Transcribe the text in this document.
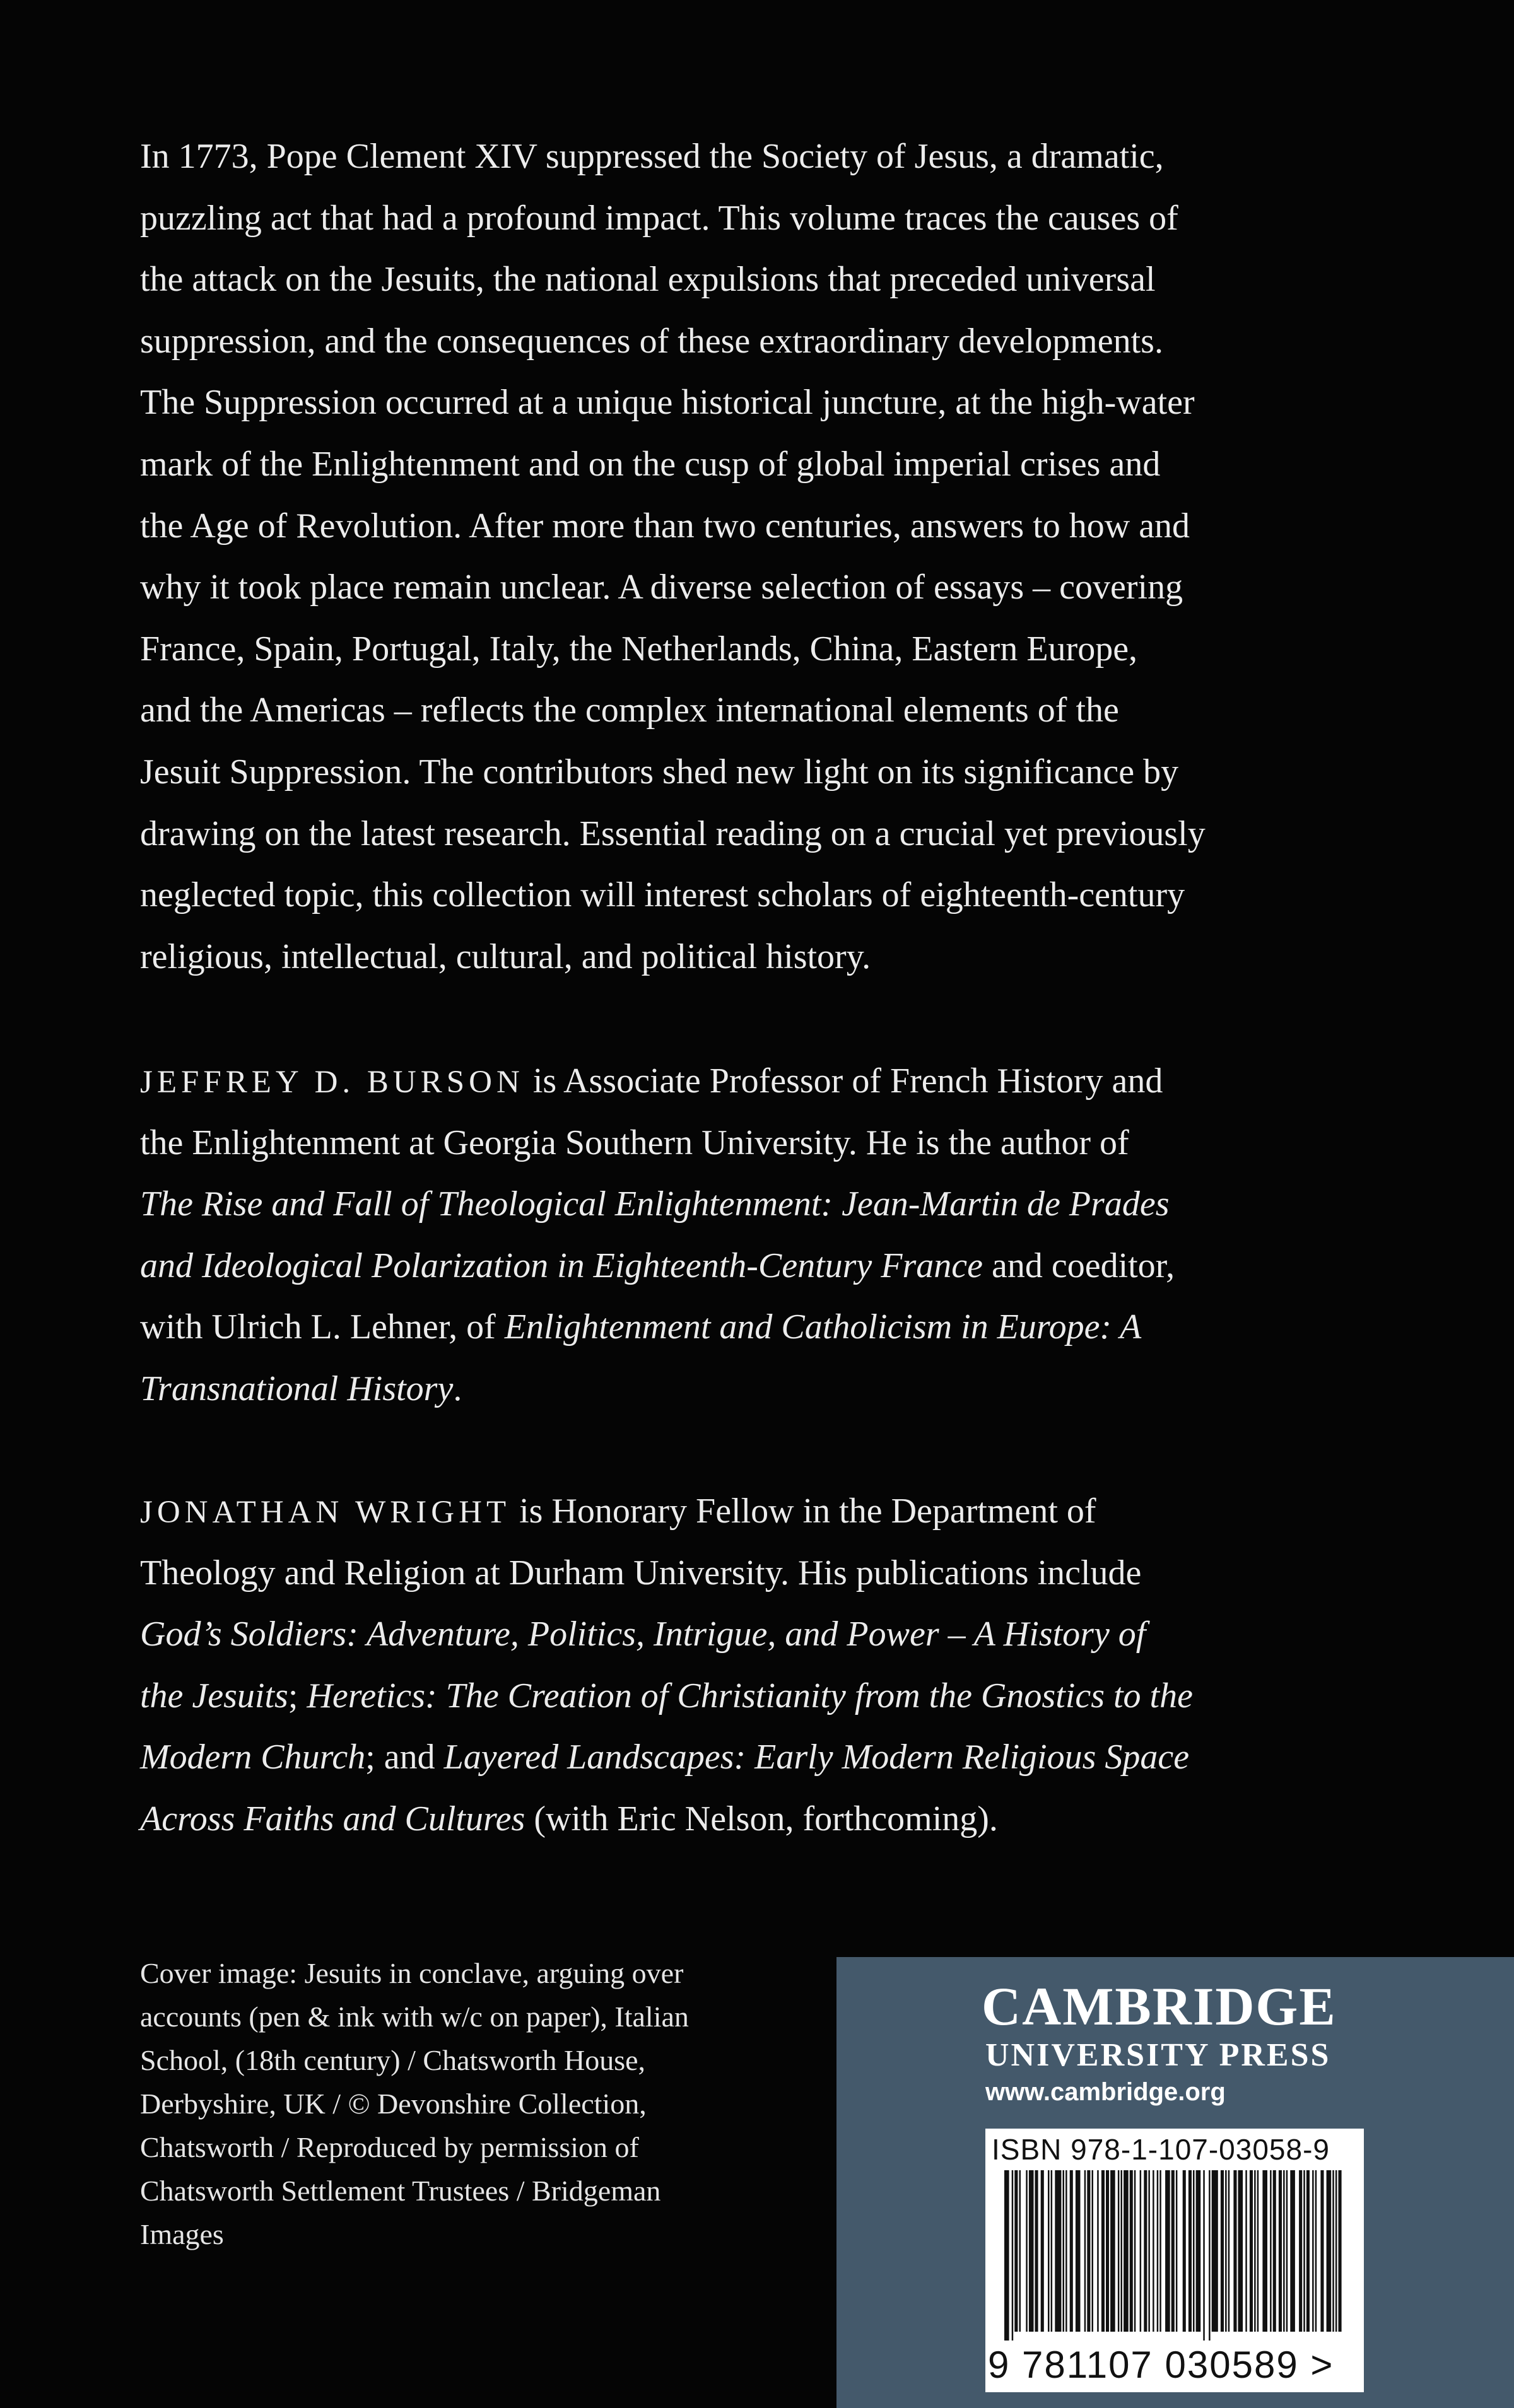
In 1773, Pope Clement XIV suppressed the Society of Jesus, a dramatic,
puzzling act that had a profound impact. This volume traces the causes of
the attack on the Jesuits, the national expulsions that preceded universal
suppression, and the consequences of these extraordinary developments.
The Suppression occurred at a unique historical juncture, at the high-water
mark of the Enlightenment and on the cusp of global imperial crises and
the Age of Revolution. After more than two centuries, answers to how and
why it took place remain unclear. A diverse selection of essays – covering
France, Spain, Portugal, Italy, the Netherlands, China, Eastern Europe,
and the Americas – reflects the complex international elements of the
Jesuit Suppression. The contributors shed new light on its significance by
drawing on the latest research. Essential reading on a crucial yet previously
neglected topic, this collection will interest scholars of eighteenth-century
religious, intellectual, cultural, and political history.

JEFFREY D. BURSON is Associate Professor of French History and
the Enlightenment at Georgia Southern University. He is the author of
The Rise and Fall of Theological Enlightenment: Jean-Martin de Prades
and Ideological Polarization in Eighteenth-Century France and coeditor,
with Ulrich L. Lehner, of Enlightenment and Catholicism in Europe: A
Transnational History.

JONATHAN WRIGHT is Honorary Fellow in the Department of
Theology and Religion at Durham University. His publications include
God’s Soldiers: Adventure, Politics, Intrigue, and Power – A History of
the Jesuits; Heretics: The Creation of Christianity from the Gnostics to the
Modern Church; and Layered Landscapes: Early Modern Religious Space
Across Faiths and Cultures (with Eric Nelson, forthcoming).

Cover image: Jesuits in conclave, arguing over
accounts (pen & ink with w/c on paper), Italian
School, (18th century) / Chatsworth House,
Derbyshire, UK / © Devonshire Collection,
Chatsworth / Reproduced by permission of
Chatsworth Settlement Trustees / Bridgeman
Images
CAMBRIDGE
UNIVERSITY PRESS
www.cambridge.org
ISBN 978-1-107-03058-9
9 781107 030589 >
